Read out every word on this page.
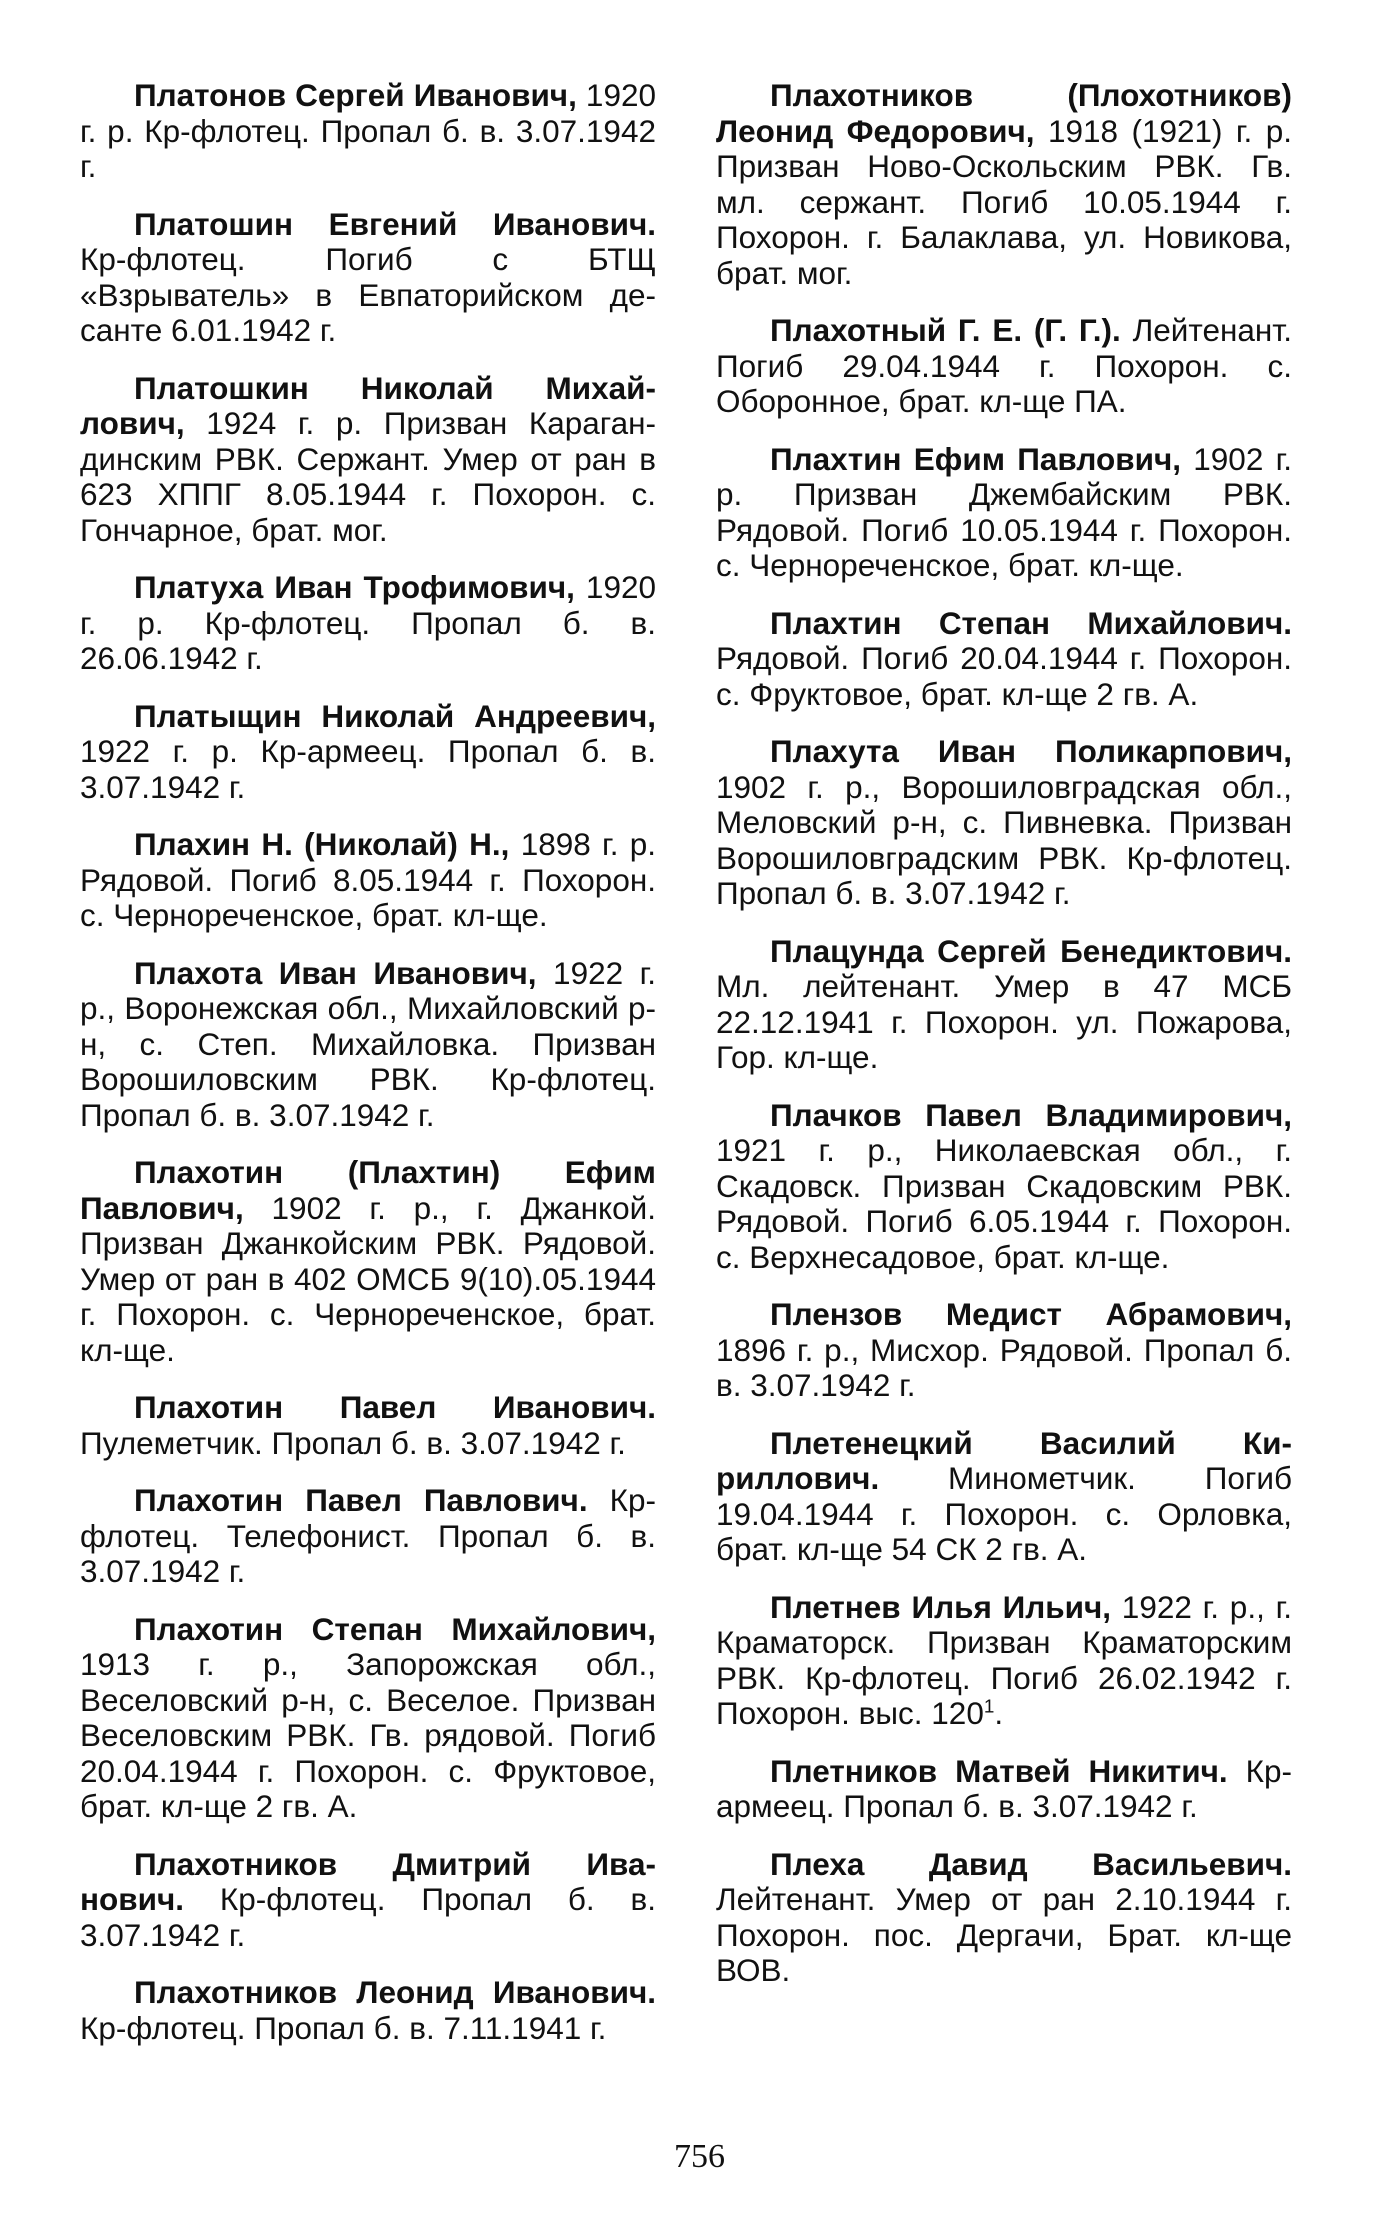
Платонов Сергей Иванович, 1920 г. р. Кр-флотец. Пропал б. в. 3.07.1942 г.

Платошин Евгений Иванович. Кр-флотец. Погиб с БТЩ «Взрыватель» в Евпаторийском десанте 6.01.1942 г.

Платошкин Николай Михайлович, 1924 г. р. Призван Карагандинским РВК. Сержант. Умер от ран в 623 ХППГ 8.05.1944 г. Похорон. с. Гончарное, брат. мог.

Платуха Иван Трофимович, 1920 г. р. Кр-флотец. Пропал б. в. 26.06.1942 г.

Платыщин Николай Андреевич, 1922 г. р. Кр-армеец. Пропал б. в. 3.07.1942 г.

Плахин Н. (Николай) Н., 1898 г. р. Рядовой. Погиб 8.05.1944 г. Похорон. с. Чернореченское, брат. кл-ще.

Плахота Иван Иванович, 1922 г. р., Воронежская обл., Михайловский р-н, с. Степ. Михайловка. Призван Ворошиловским РВК. Кр-флотец. Пропал б. в. 3.07.1942 г.

Плахотин (Плахтин) Ефим Павлович, 1902 г. р., г. Джанкой. Призван Джанкойским РВК. Рядовой. Умер от ран в 402 ОМСБ 9(10).05.1944 г. Похорон. с. Чернореченское, брат. кл-ще.

Плахотин Павел Иванович. Пулеметчик. Пропал б. в. 3.07.1942 г.

Плахотин Павел Павлович. Кр-флотец. Телефонист. Пропал б. в. 3.07.1942 г.

Плахотин Степан Михайлович, 1913 г. р., Запорожская обл., Веселовский р-н, с. Веселое. Призван Веселовским РВК. Гв. рядовой. Погиб 20.04.1944 г. Похорон. с. Фруктовое, брат. кл-ще 2 гв. А.

Плахотников Дмитрий Иванович. Кр-флотец. Пропал б. в. 3.07.1942 г.

Плахотников Леонид Иванович. Кр-флотец. Пропал б. в. 7.11.1941 г.

Плахотников (Плохотников) Леонид Федорович, 1918 (1921) г. р. Призван Ново-Оскольским РВК. Гв. мл. сержант. Погиб 10.05.1944 г. Похорон. г. Балаклава, ул. Новикова, брат. мог.

Плахотный Г. Е. (Г. Г.). Лейтенант. Погиб 29.04.1944 г. Похорон. с. Оборонное, брат. кл-ще ПА.

Плахтин Ефим Павлович, 1902 г. р. Призван Джембайским РВК. Рядовой. Погиб 10.05.1944 г. Похорон. с. Чернореченское, брат. кл-ще.

Плахтин Степан Михайлович. Рядовой. Погиб 20.04.1944 г. Похорон. с. Фруктовое, брат. кл-ще 2 гв. А.

Плахута Иван Поликарпович, 1902 г. р., Ворошиловградская обл., Меловский р-н, с. Пивневка. Призван Ворошиловградским РВК. Кр-флотец. Пропал б. в. 3.07.1942 г.

Плацунда Сергей Бенедиктович. Мл. лейтенант. Умер в 47 МСБ 22.12.1941 г. Похорон. ул. Пожарова, Гор. кл-ще.

Плачков Павел Владимирович, 1921 г. р., Николаевская обл., г. Скадовск. Призван Скадовским РВК. Рядовой. Погиб 6.05.1944 г. Похорон. с. Верхнесадовое, брат. кл-ще.

Плензов Медист Абрамович, 1896 г. р., Мисхор. Рядовой. Пропал б. в. 3.07.1942 г.

Плетенецкий Василий Кириллович. Минометчик. Погиб 19.04.1944 г. Похорон. с. Орловка, брат. кл-ще 54 СК 2 гв. А.

Плетнев Илья Ильич, 1922 г. р., г. Краматорск. Призван Краматорским РВК. Кр-флотец. Погиб 26.02.1942 г. Похорон. выс. $120^1$.

Плетников Матвей Никитич. Кр-армеец. Пропал б. в. 3.07.1942 г.

Плеха Давид Васильевич. Лейтенант. Умер от ран 2.10.1944 г. Похорон. пос. Дергачи, Брат. кл-ще ВОВ.

756
